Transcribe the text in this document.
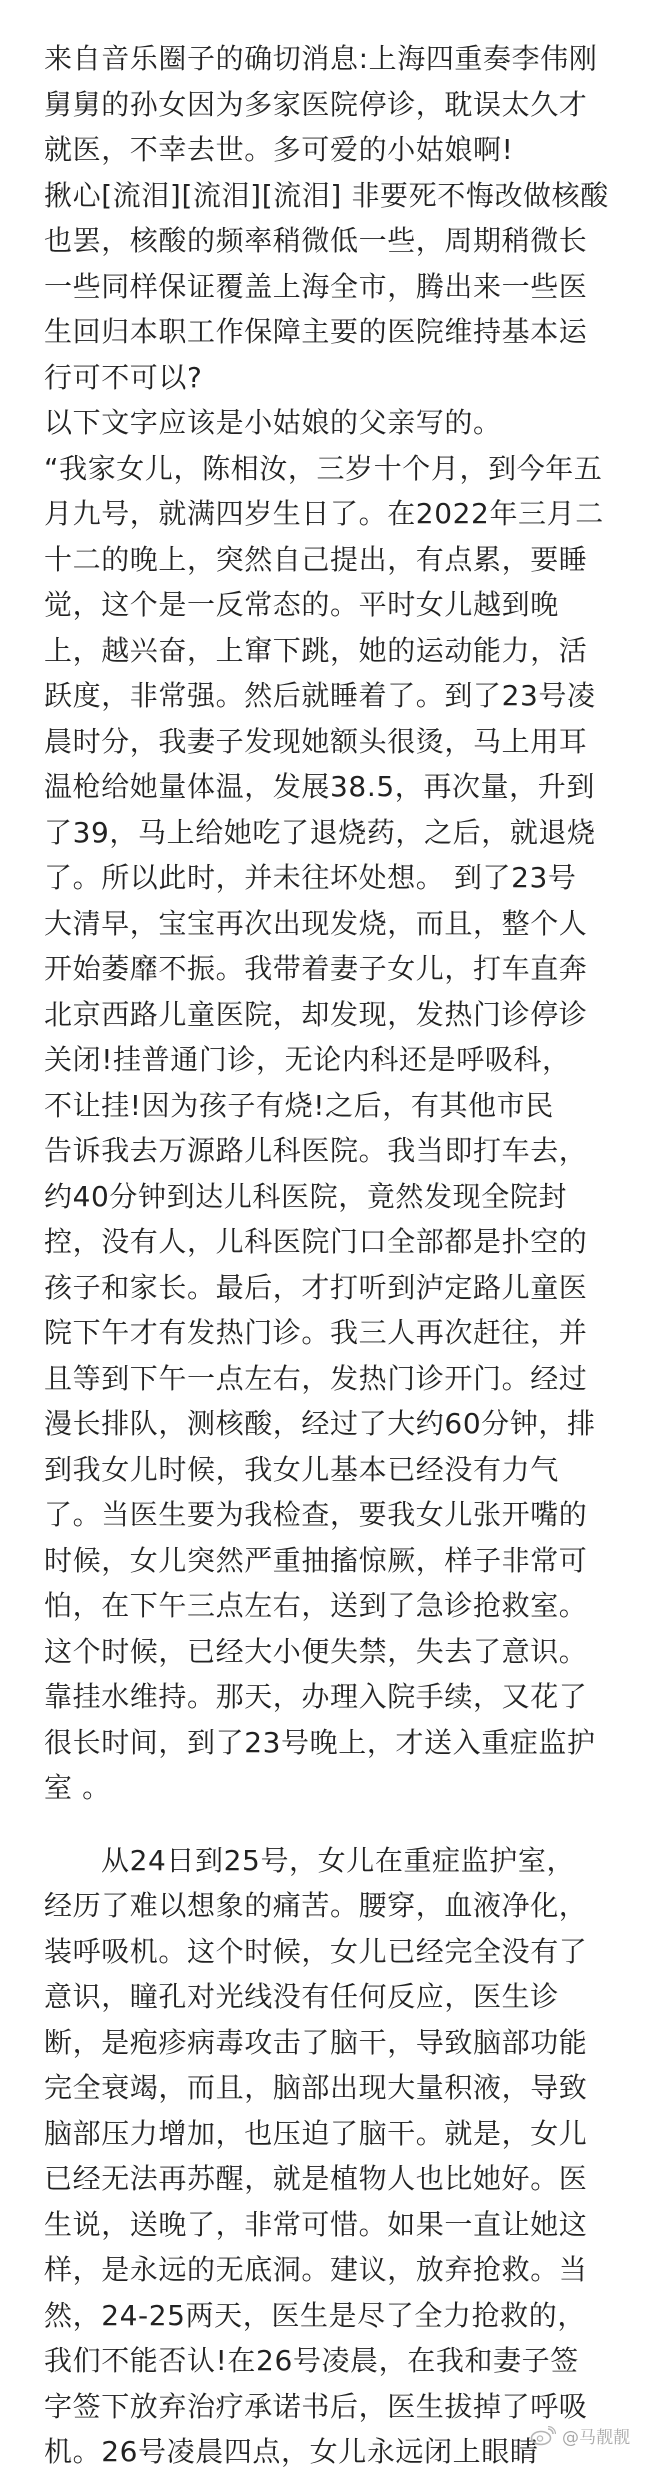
来自音乐圈子的确切消息:上海四重奏李伟刚
舅舅的孙女因为多家医院停诊，耽误太久才
就医，不幸去世。多可爱的小姑娘啊!
揪心[流泪][流泪][流泪] 非要死不悔改做核酸
也罢，核酸的频率稍微低一些，周期稍微长
一些同样保证覆盖上海全市，腾出来一些医
生回归本职工作保障主要的医院维持基本运
行可不可以?
以下文字应该是小姑娘的父亲写的。
“我家女儿，陈相汝，三岁十个月，到今年五
月九号，就满四岁生日了。在2022年三月二
十二的晚上，突然自己提出，有点累，要睡
觉，这个是一反常态的。平时女儿越到晚
上，越兴奋，上窜下跳，她的运动能力，活
跃度，非常强。然后就睡着了。到了23号凌
晨时分，我妻子发现她额头很烫，马上用耳
温枪给她量体温，发展38.5，再次量，升到
了39，马上给她吃了退烧药，之后，就退烧
了。所以此时，并未往坏处想。 到了23号
大清早，宝宝再次出现发烧，而且，整个人
开始萎靡不振。我带着妻子女儿，打车直奔
北京西路儿童医院，却发现，发热门诊停诊
关闭!挂普通门诊，无论内科还是呼吸科，
不让挂!因为孩子有烧!之后，有其他市民
告诉我去万源路儿科医院。我当即打车去，
约40分钟到达儿科医院，竟然发现全院封
控，没有人，儿科医院门口全部都是扑空的
孩子和家长。最后，才打听到泸定路儿童医
院下午才有发热门诊。我三人再次赶往，并
且等到下午一点左右，发热门诊开门。经过
漫长排队，测核酸，经过了大约60分钟，排
到我女儿时候，我女儿基本已经没有力气
了。当医生要为我检查，要我女儿张开嘴的
时候，女儿突然严重抽搐惊厥，样子非常可
怕，在下午三点左右，送到了急诊抢救室。
这个时候，已经大小便失禁，失去了意识。
靠挂水维持。那天，办理入院手续，又花了
很长时间，到了23号晚上，才送入重症监护
室 。
从24日到25号，女儿在重症监护室，
经历了难以想象的痛苦。腰穿，血液净化，
装呼吸机。这个时候，女儿已经完全没有了
意识，瞳孔对光线没有任何反应，医生诊
断，是疱疹病毒攻击了脑干，导致脑部功能
完全衰竭，而且，脑部出现大量积液，导致
脑部压力增加，也压迫了脑干。就是，女儿
已经无法再苏醒，就是植物人也比她好。医
生说，送晚了，非常可惜。如果一直让她这
样，是永远的无底洞。建议，放弃抢救。当
然，24-25两天，医生是尽了全力抢救的，
我们不能否认!在26号凌晨，在我和妻子签
字签下放弃治疗承诺书后，医生拔掉了呼吸
机。26号凌晨四点，女儿永远闭上眼睛	@马靓靓
